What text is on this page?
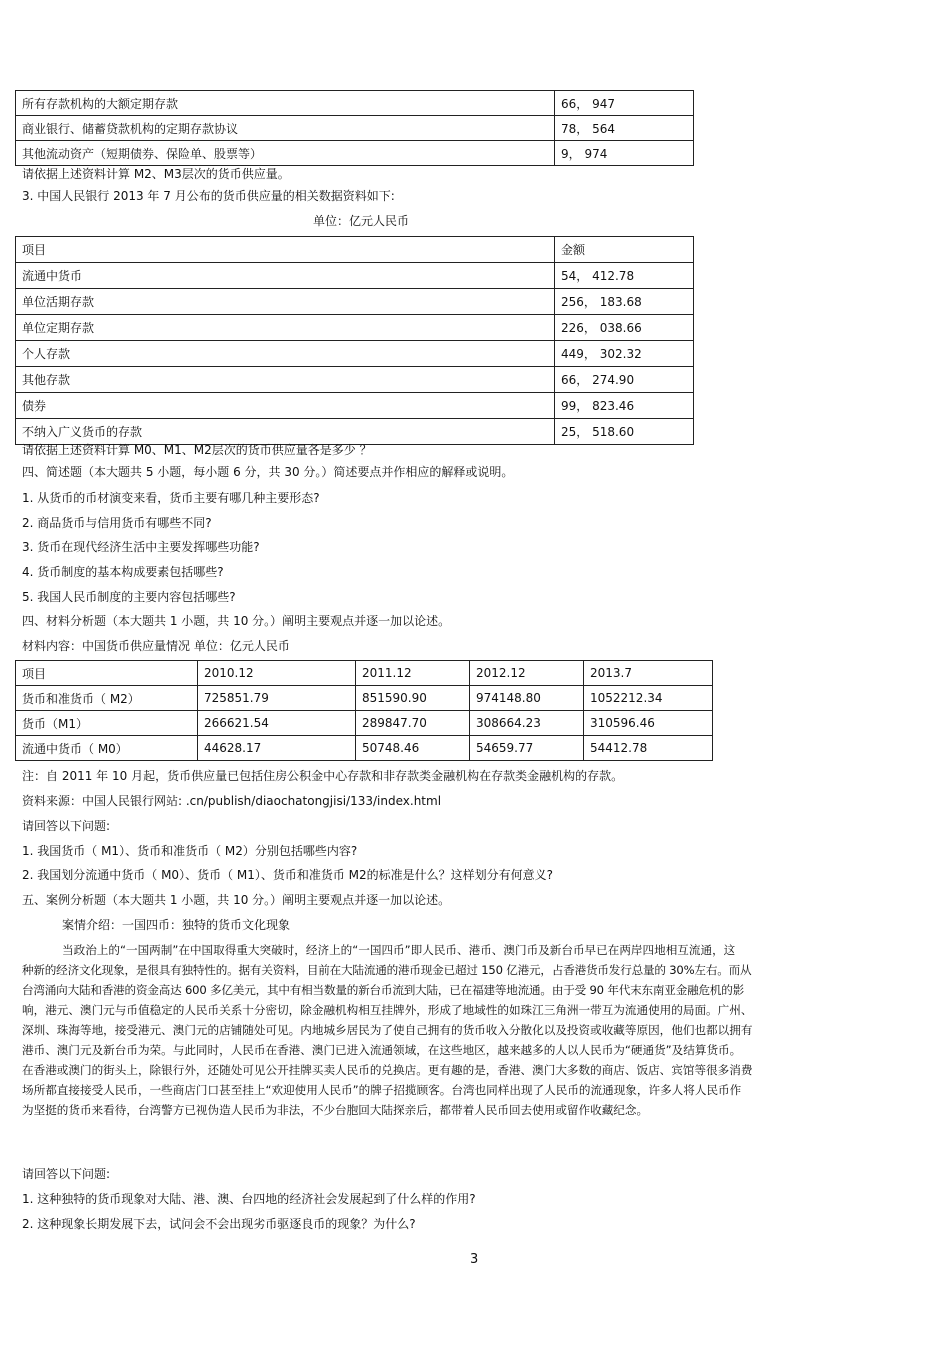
所有存款机构的大额定期存款	66， 947
商业银行、储蓄贷款机构的定期存款协议	78， 564
其他流动资产（短期债券、保险单、股票等）	9， 974
请依据上述资料计算 M2、M3层次的货币供应量。
3. 中国人民银行 2013 年 7 月公布的货币供应量的相关数据资料如下:
单位：亿元人民币
项目	金额
流通中货币	54， 412.78
单位活期存款	256， 183.68
单位定期存款	226， 038.66
个人存款	449， 302.32
其他存款	66， 274.90
债券	99， 823.46
不纳入广义货币的存款	25， 518.60
请依据上述资料计算 M0、M1、M2层次的货币供应量各是多少 ？
四、简述题（本大题共 5 小题，每小题 6 分，共 30 分。）简述要点并作相应的解释或说明。
1. 从货币的币材演变来看，货币主要有哪几种主要形态?
2. 商品货币与信用货币有哪些不同?
3. 货币在现代经济生活中主要发挥哪些功能?
4. 货币制度的基本构成要素包括哪些?
5. 我国人民币制度的主要内容包括哪些?
四、材料分析题（本大题共 1 小题，共 10 分。）阐明主要观点并逐一加以论述。
材料内容：中国货币供应量情况 单位：亿元人民币
项目	2010.12	2011.12	2012.12	2013.7
货币和准货币（ M2）	725851.79	851590.90	974148.80	1052212.34
货币（M1）	266621.54	289847.70	308664.23	310596.46
流通中货币（ M0）	44628.17	50748.46	54659.77	54412.78
注：自 2011 年 10 月起，货币供应量已包括住房公积金中心存款和非存款类金融机构在存款类金融机构的存款。
资料来源：中国人民银行网站: .cn/publish/diaochatongjisi/133/index.html
请回答以下问题:
1. 我国货币（ M1）、货币和准货币（ M2）分别包括哪些内容?
2. 我国划分流通中货币（ M0）、货币（ M1）、货币和准货币 M2的标准是什么？这样划分有何意义?
五、案例分析题（本大题共 1 小题，共 10 分。）阐明主要观点并逐一加以论述。
案情介绍：一国四币：独特的货币文化现象
当政治上的“一国两制”在中国取得重大突破时，经济上的“一国四币”即人民币、港币、澳门币及新台币早已在两岸四地相互流通，这
种新的经济文化现象，是很具有独特性的。据有关资料，目前在大陆流通的港币现金已超过 150 亿港元，占香港货币发行总量的 30%左右。而从
台湾涌向大陆和香港的资金高达 600 多亿美元，其中有相当数量的新台币流到大陆，已在福建等地流通。由于受 90 年代末东南亚金融危机的影
响，港元、澳门元与币值稳定的人民币关系十分密切，除金融机构相互挂牌外，形成了地域性的如珠江三角洲一带互为流通使用的局面。广州、
深圳、珠海等地，接受港元、澳门元的店铺随处可见。内地城乡居民为了使自己拥有的货币收入分散化以及投资或收藏等原因，他们也都以拥有
港币、澳门元及新台币为荣。与此同时，人民币在香港、澳门已进入流通领域，在这些地区，越来越多的人以人民币为“硬通货”及结算货币。
在香港或澳门的街头上，除银行外，还随处可见公开挂牌买卖人民币的兑换店。更有趣的是，香港、澳门大多数的商店、饭店、宾馆等很多消费
场所都直接接受人民币，一些商店门口甚至挂上“欢迎使用人民币”的牌子招揽顾客。台湾也同样出现了人民币的流通现象，许多人将人民币作
为坚挺的货币来看待，台湾警方已视伪造人民币为非法，不少台胞回大陆探亲后，都带着人民币回去使用或留作收藏纪念。
请回答以下问题:
1. 这种独特的货币现象对大陆、港、澳、台四地的经济社会发展起到了什么样的作用?
2. 这种现象长期发展下去，试问会不会出现劣币驱逐良币的现象？为什么?
3
